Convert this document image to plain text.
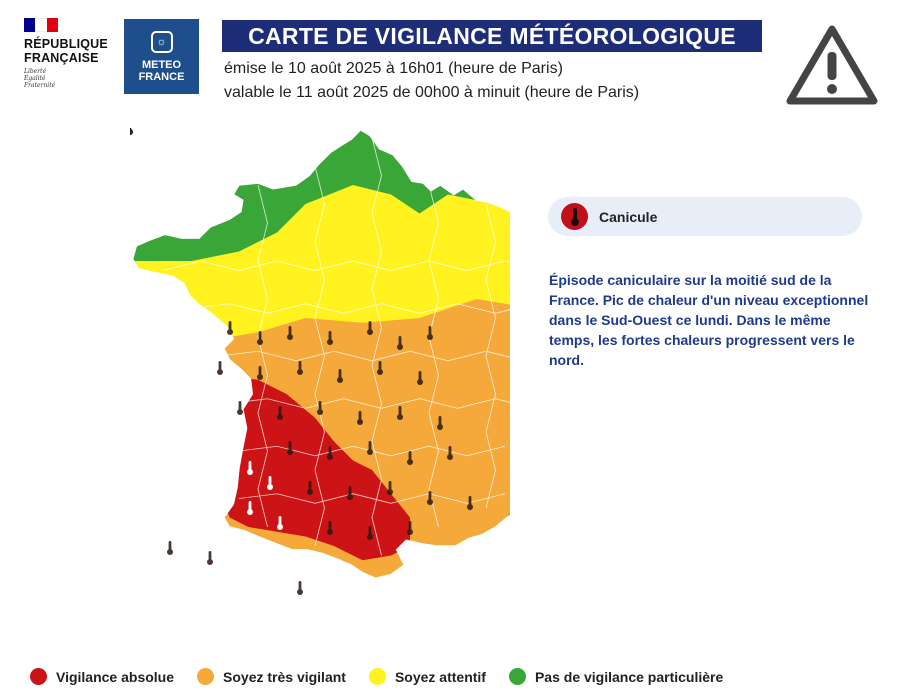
RÉPUBLIQUE
FRANÇAISE
Liberté
Égalité
Fraternité
☼
METEO
FRANCE
CARTE DE VIGILANCE MÉTÉOROLOGIQUE
émise le 10 août 2025 à 16h01 (heure de Paris)
valable le 11 août 2025 de 00h00 à minuit (heure de Paris)
Canicule
Épisode caniculaire sur la moitié sud de la France. Pic de chaleur d'un niveau exceptionnel dans le Sud-Ouest ce lundi. Dans le même temps, les fortes chaleurs progressent vers le nord.
Vigilance absolue	Soyez très vigilant	Soyez attentif	Pas de vigilance particulière
